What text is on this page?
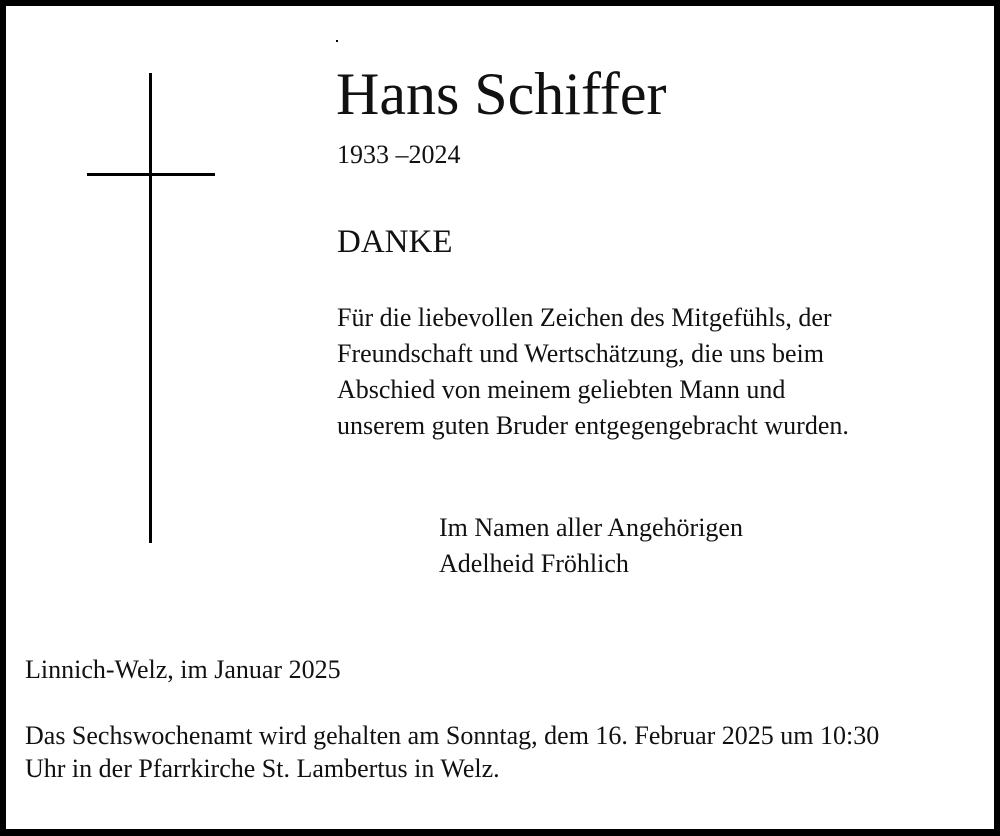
Hans Schiffer
1933 –2024
DANKE
Für die liebevollen Zeichen des Mitgefühls, der
Freundschaft und Wertschätzung, die uns beim
Abschied von meinem geliebten Mann und
unserem guten Bruder entgegengebracht wurden.
Im Namen aller Angehörigen
Adelheid Fröhlich
Linnich-Welz, im Januar 2025
Das Sechswochenamt wird gehalten am Sonntag, dem 16. Februar 2025 um 10:30
Uhr in der Pfarrkirche St. Lambertus in Welz.
